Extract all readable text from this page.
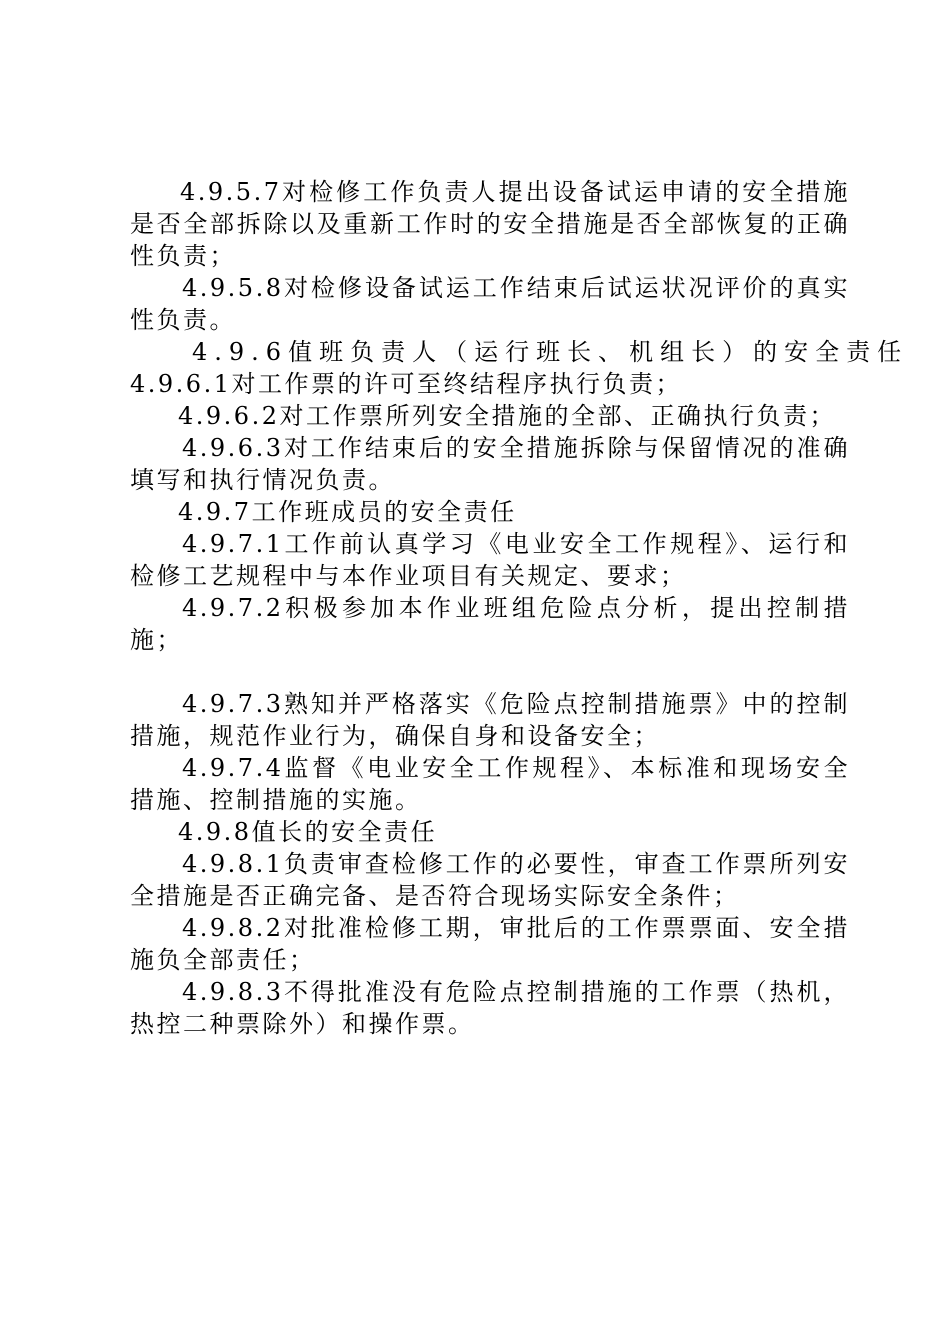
4.9.5.7对检修工作负责人提出设备试运申请的安全措施是否全部拆除以及重新工作时的安全措施是否全部恢复的正确性负责；

4.9.5.8对检修设备试运工作结束后试运状况评价的真实性负责。

4.9.6值班负责人（运行班长、机组长）的安全责任

4.9.6.1对工作票的许可至终结程序执行负责；

4.9.6.2对工作票所列安全措施的全部、正确执行负责；

4.9.6.3对工作结束后的安全措施拆除与保留情况的准确填写和执行情况负责。

4.9.7工作班成员的安全责任

4.9.7.1工作前认真学习《电业安全工作规程》、运行和检修工艺规程中与本作业项目有关规定、要求；

4.9.7.2积极参加本作业班组危险点分析，提出控制措施；

4.9.7.3熟知并严格落实《危险点控制措施票》中的控制措施，规范作业行为，确保自身和设备安全；

4.9.7.4监督《电业安全工作规程》、本标准和现场安全措施、控制措施的实施。

4.9.8值长的安全责任

4.9.8.1负责审查检修工作的必要性，审查工作票所列安全措施是否正确完备、是否符合现场实际安全条件；

4.9.8.2对批准检修工期，审批后的工作票票面、安全措施负全部责任；

4.9.8.3不得批准没有危险点控制措施的工作票（热机，热控二种票除外）和操作票。
